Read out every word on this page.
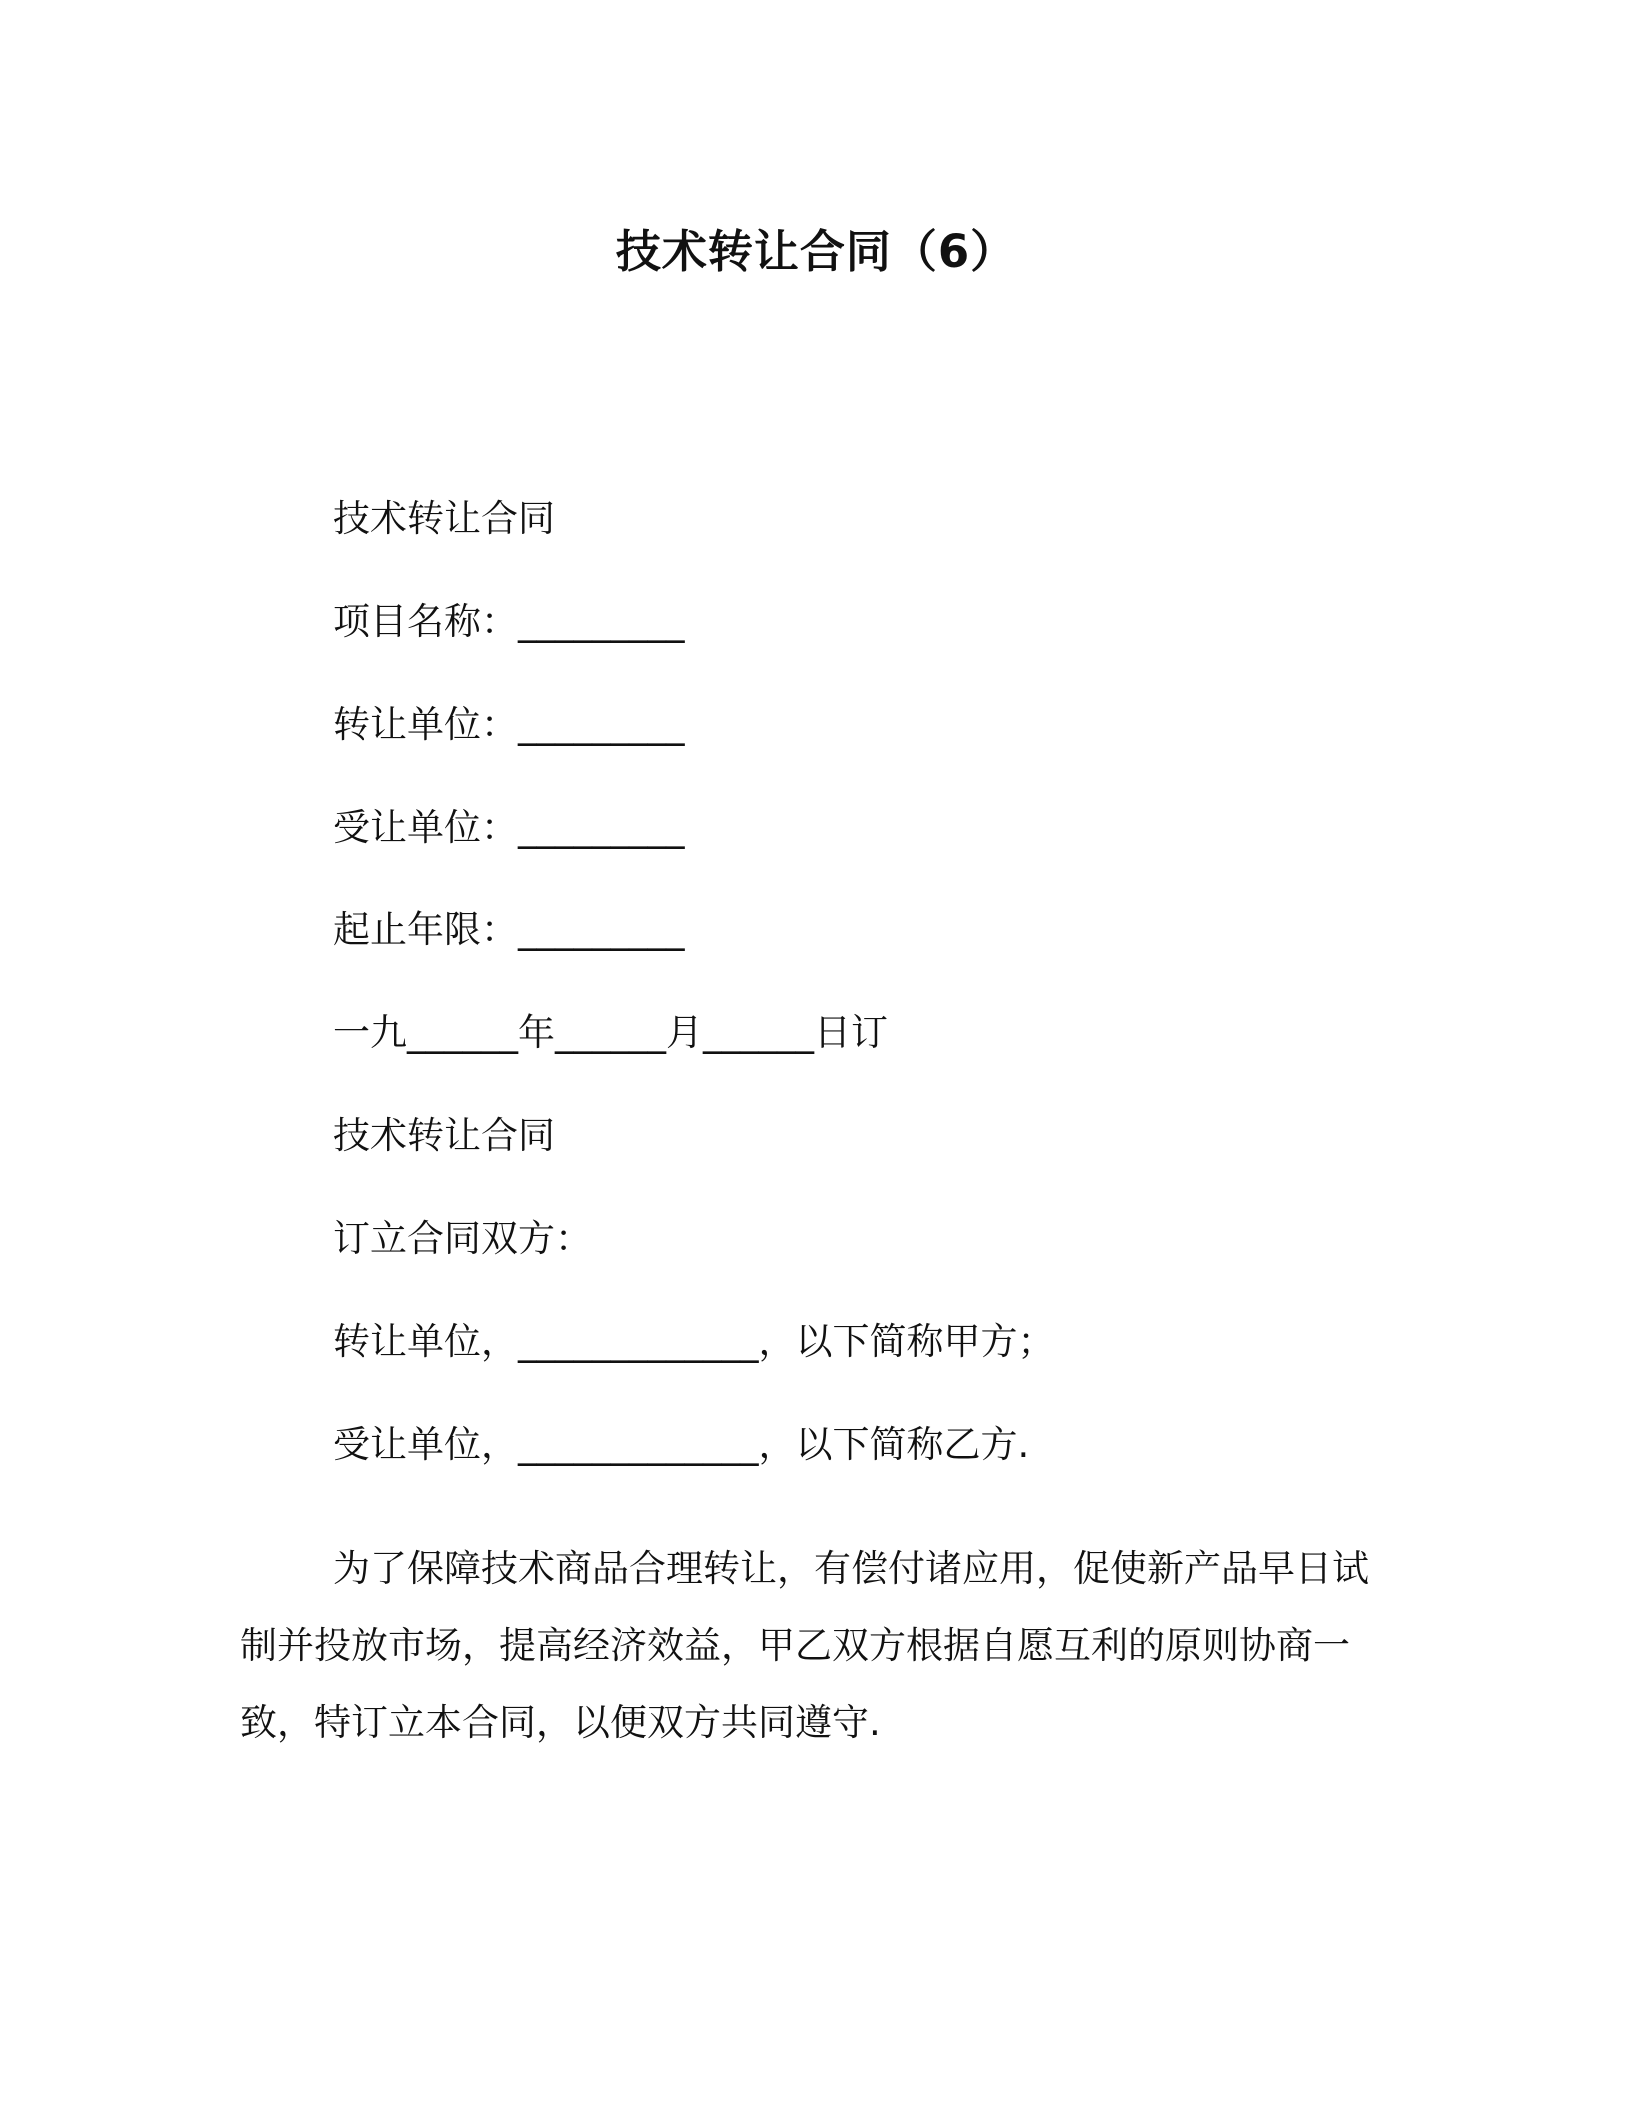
技术转让合同（6）

技术转让合同

项目名称：_________

转让单位：_________

受让单位：_________

起止年限：_________

一九______年______月______日订

技术转让合同

订立合同双方：

转让单位，_____________，以下简称甲方；

受让单位，_____________，以下简称乙方.

为了保障技术商品合理转让，有偿付诸应用，促使新产品早日试制并投放市场，提高经济效益，甲乙双方根据自愿互利的原则协商一致，特订立本合同，以便双方共同遵守.
